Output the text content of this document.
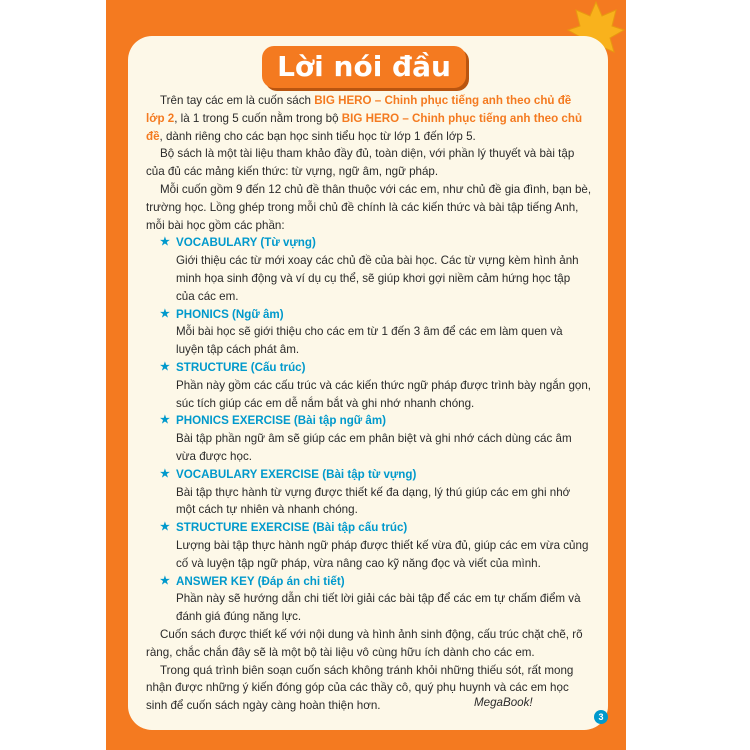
Lời nói đầu

Trên tay các em là cuốn sách BIG HERO – Chinh phục tiếng anh theo chủ đề lớp 2, là 1 trong 5 cuốn nằm trong bộ BIG HERO – Chinh phục tiếng anh theo chủ đề, dành riêng cho các bạn học sinh tiểu học từ lớp 1 đến lớp 5.

Bộ sách là một tài liệu tham khảo đầy đủ, toàn diện, với phần lý thuyết và bài tập của đủ các mảng kiến thức: từ vựng, ngữ âm, ngữ pháp.

Mỗi cuốn gồm 9 đến 12 chủ đề thân thuộc với các em, như chủ đề gia đình, bạn bè, trường học. Lồng ghép trong mỗi chủ đề chính là các kiến thức và bài tập tiếng Anh, mỗi bài học gồm các phần:

★ VOCABULARY (Từ vựng)

Giới thiệu các từ mới xoay các chủ đề của bài học. Các từ vựng kèm hình ảnh minh họa sinh động và ví dụ cụ thể, sẽ giúp khơi gợi niềm cảm hứng học tập của các em.

★ PHONICS (Ngữ âm)

Mỗi bài học sẽ giới thiệu cho các em từ 1 đến 3 âm để các em làm quen và luyện tập cách phát âm.

★ STRUCTURE (Cấu trúc)

Phần này gồm các cấu trúc và các kiến thức ngữ pháp được trình bày ngắn gọn, súc tích giúp các em dễ nắm bắt và ghi nhớ nhanh chóng.

★ PHONICS EXERCISE (Bài tập ngữ âm)

Bài tập phần ngữ âm sẽ giúp các em phân biệt và ghi nhớ cách dùng các âm vừa được học.

★ VOCABULARY EXERCISE (Bài tập từ vựng)

Bài tập thực hành từ vựng được thiết kế đa dạng, lý thú giúp các em ghi nhớ một cách tự nhiên và nhanh chóng.

★ STRUCTURE EXERCISE (Bài tập cấu trúc)

Lượng bài tập thực hành ngữ pháp được thiết kế vừa đủ, giúp các em vừa củng cố và luyện tập ngữ pháp, vừa nâng cao kỹ năng đọc và viết của mình.

★ ANSWER KEY (Đáp án chi tiết)

Phần này sẽ hướng dẫn chi tiết lời giải các bài tập để các em tự chấm điểm và đánh giá đúng năng lực.

Cuốn sách được thiết kế với nội dung và hình ảnh sinh động, cấu trúc chặt chẽ, rõ ràng, chắc chắn đây sẽ là một bộ tài liệu vô cùng hữu ích dành cho các em.

Trong quá trình biên soạn cuốn sách không tránh khỏi những thiếu sót, rất mong nhận được những ý kiến đóng góp của các thầy cô, quý phụ huynh và các em học sinh để cuốn sách ngày càng hoàn thiện hơn.	MegaBook!
3
